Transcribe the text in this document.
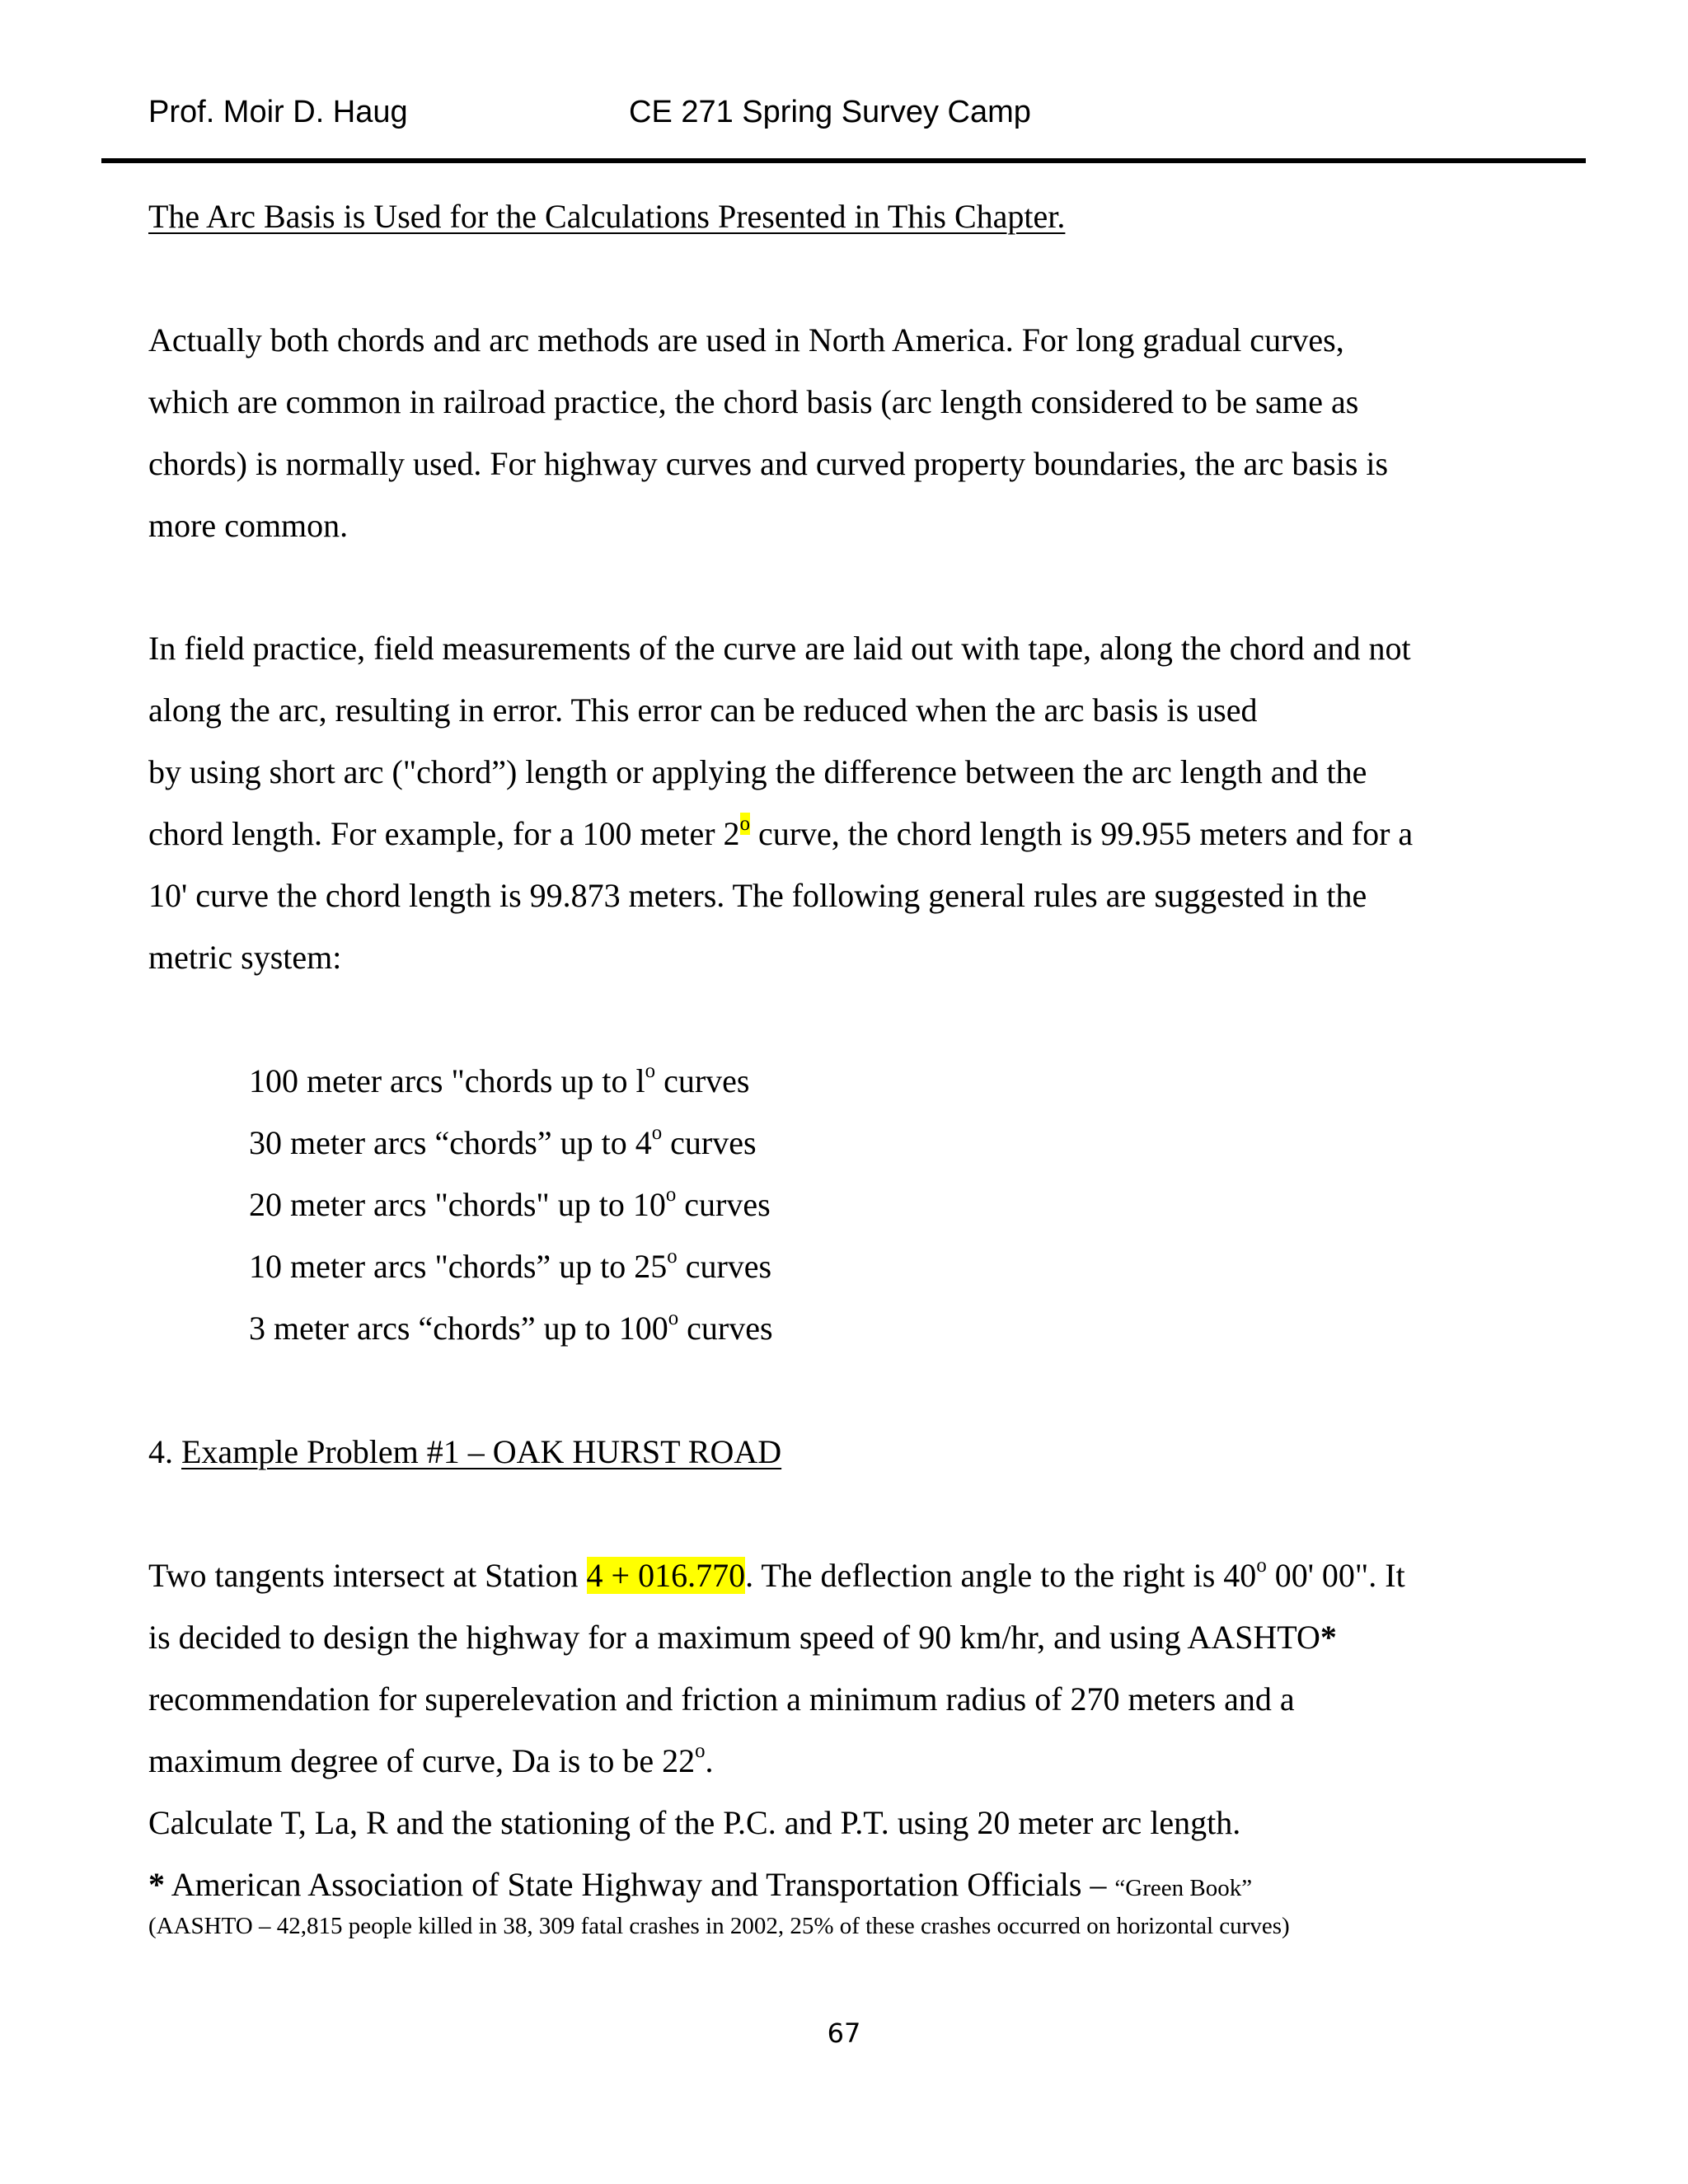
Prof. Moir D. Haug	CE 271 Spring Survey Camp
The Arc Basis is Used for the Calculations Presented in This Chapter.
Actually both chords and arc methods are used in North America. For long gradual curves,
which are common in railroad practice, the chord basis (arc length considered to be same as
chords) is normally used. For highway curves and curved property boundaries, the arc basis is
more common.
In field practice, field measurements of the curve are laid out with tape, along the chord and not
along the arc, resulting in error. This error can be reduced when the arc basis is used
by using short arc ("chord”) length or applying the difference between the arc length and the
chord length. For example, for a 100 meter 2$^o$ curve, the chord length is 99.955 meters and for a
10' curve the chord length is 99.873 meters. The following general rules are suggested in the
metric system:
100 meter arcs "chords up to $l^o$ curves
30 meter arcs “chords” up to 4$^o$ curves
20 meter arcs "chords" up to 10$^o$ curves
10 meter arcs "chords” up to 25$^o$ curves
3 meter arcs “chords” up to 100$^o$ curves
4. Example Problem #1 – OAK HURST ROAD
Two tangents intersect at Station 4 + 016.770. The deflection angle to the right is 40$^o$ 00' 00". It
is decided to design the highway for a maximum speed of 90 km/hr, and using AASHTO*
recommendation for superelevation and friction a minimum radius of 270 meters and a
maximum degree of curve, Da is to be 22$^o$.
Calculate T, La, R and the stationing of the P.C. and P.T. using 20 meter arc length.
* American Association of State Highway and Transportation Officials – “Green Book”
(AASHTO – 42,815 people killed in 38, 309 fatal crashes in 2002, 25% of these crashes occurred on horizontal curves)
67
